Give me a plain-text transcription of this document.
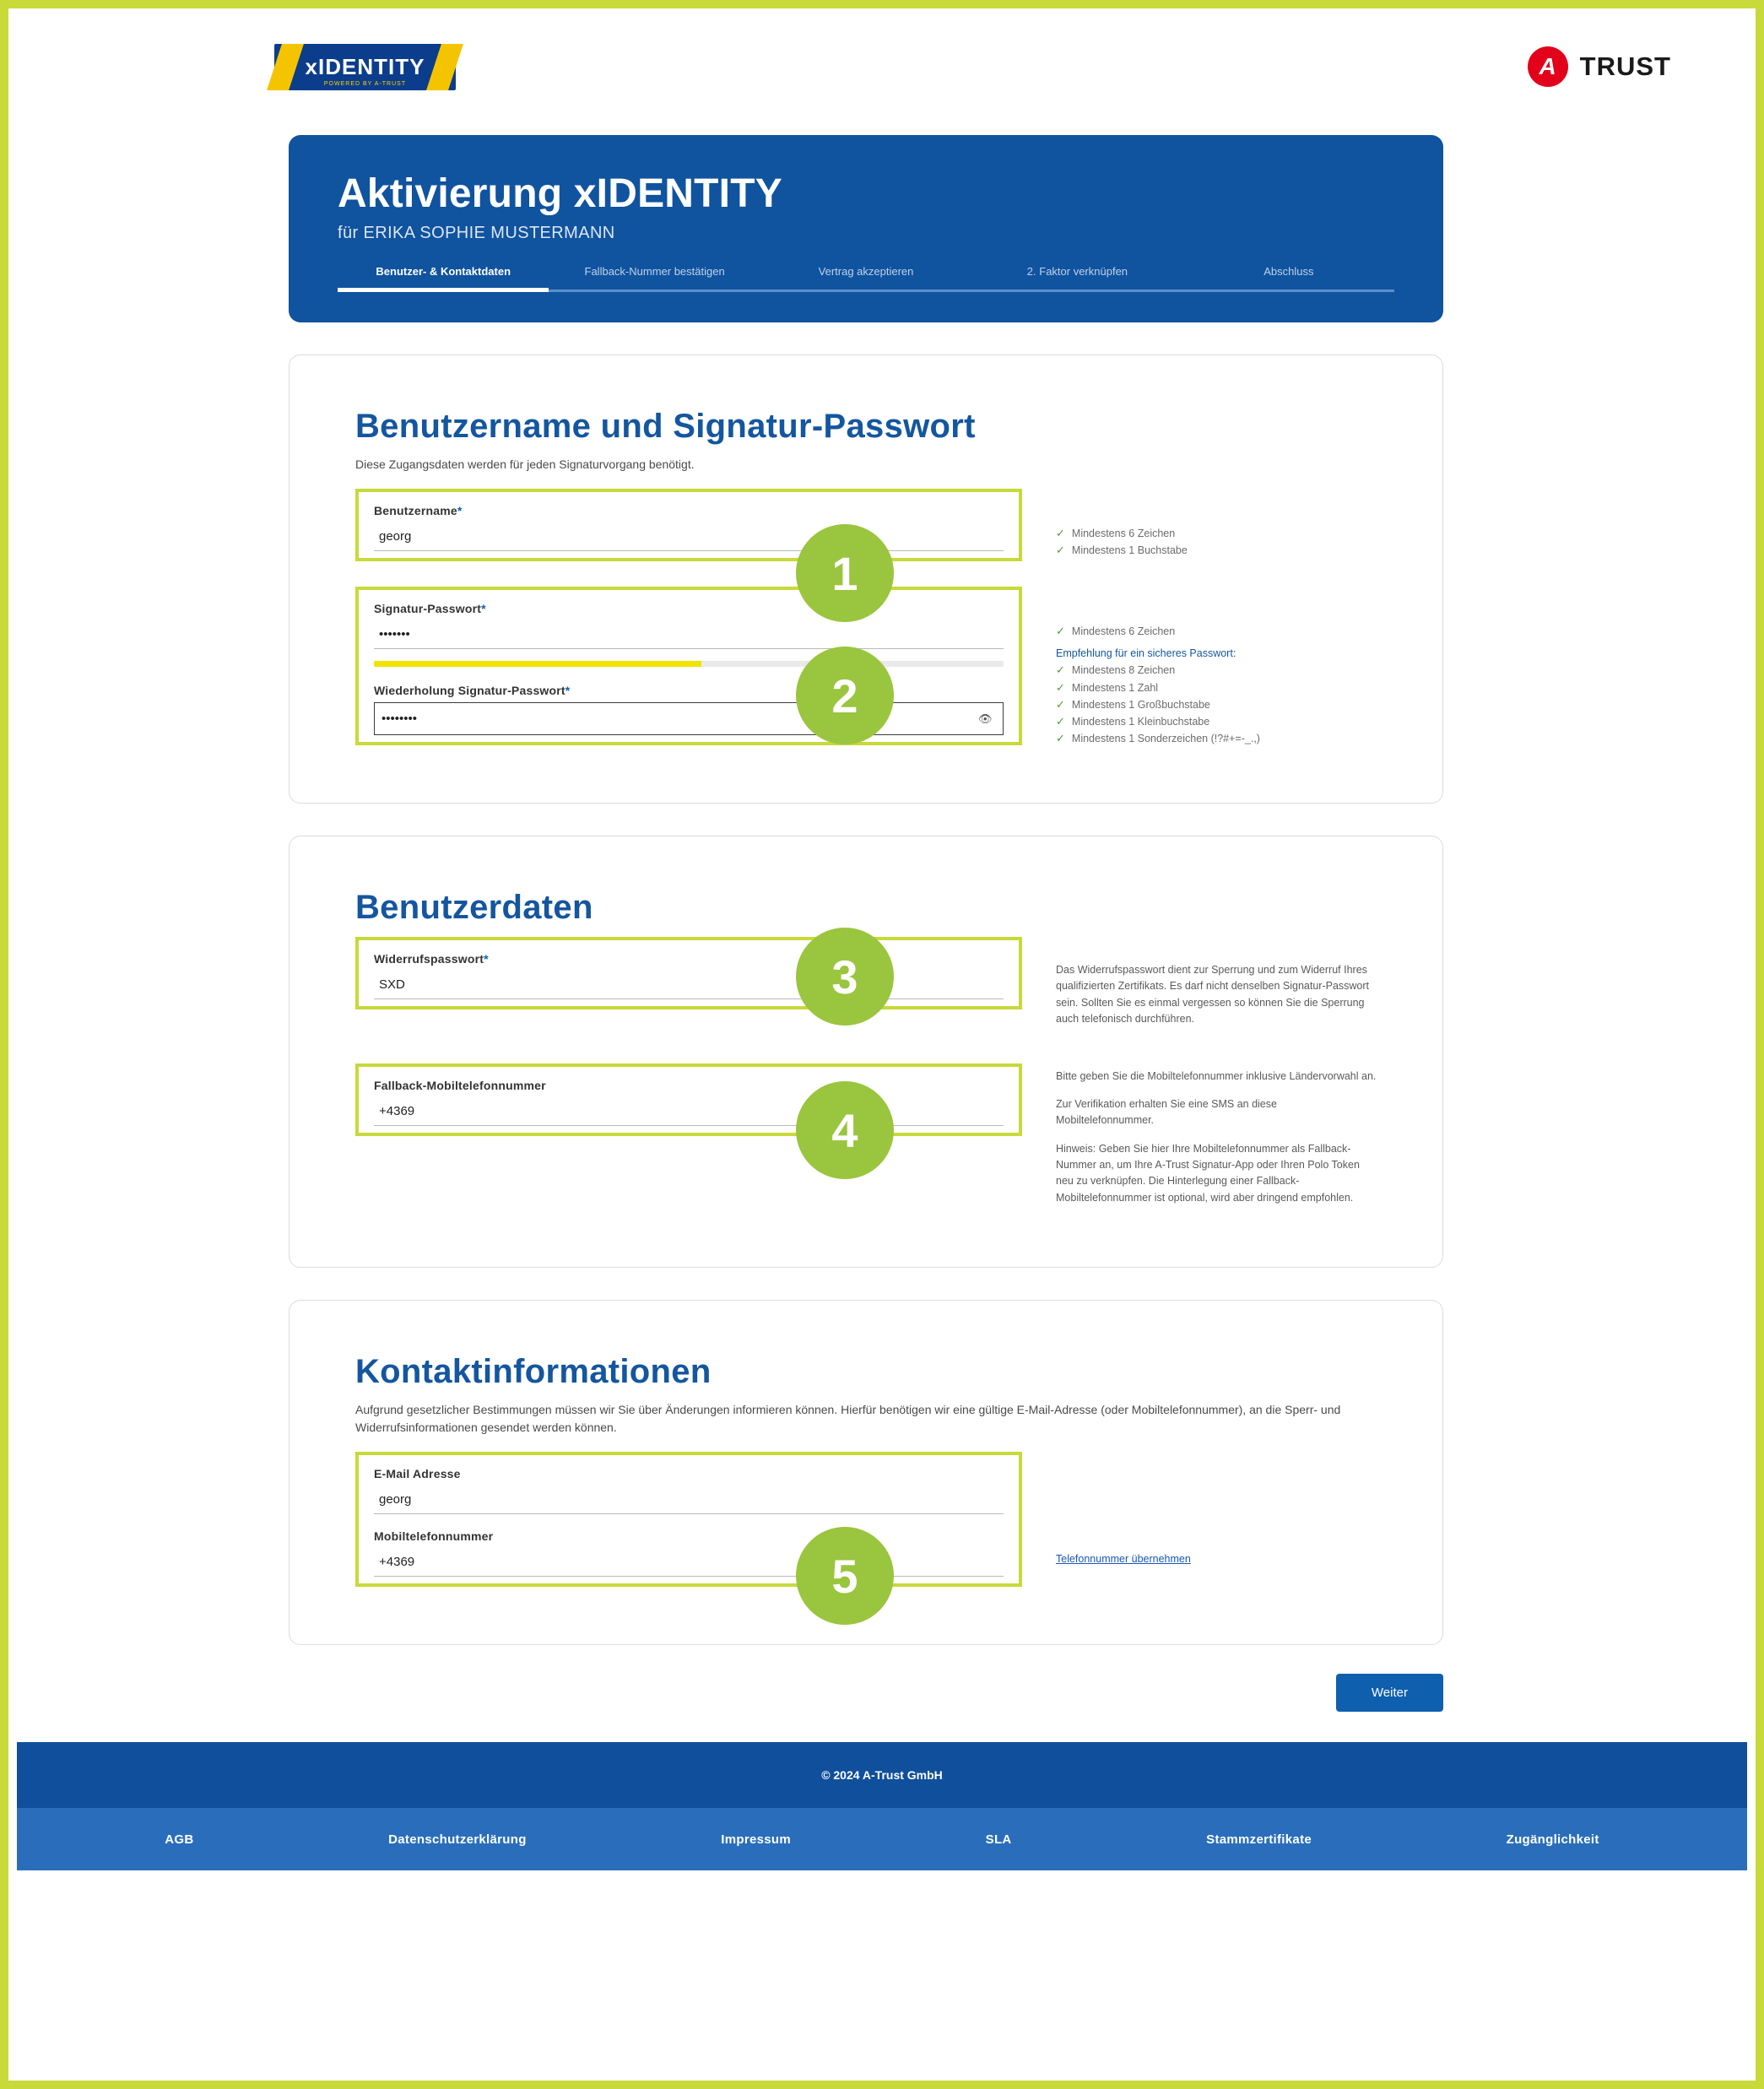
xIDENTITY
POWERED BY A-TRUST
A TRUST
Aktivierung xIDENTITY
für ERIKA SOPHIE MUSTERMANN
Benutzer- & Kontaktdaten	Fallback-Nummer bestätigen	Vertrag akzeptieren	2. Faktor verknüpfen	Abschluss
Benutzername und Signatur-Passwort

Diese Zugangsdaten werden für jeden Signaturvorgang benötigt.

1
2
Benutzername*
georg
✓ Mindestens 6 Zeichen
✓ Mindestens 1 Buchstabe
Signatur-Passwort*
•••••••
Wiederholung Signatur-Passwort*
••••••••
👁
✓ Mindestens 6 Zeichen
Empfehlung für ein sicheres Passwort:
✓ Mindestens 8 Zeichen
✓ Mindestens 1 Zahl
✓ Mindestens 1 Großbuchstabe
✓ Mindestens 1 Kleinbuchstabe
✓ Mindestens 1 Sonderzeichen (!?#+=-_.,)
Benutzerdaten
3
4
Widerrufspasswort*
SXD

Das Widerrufspasswort dient zur Sperrung und zum Widerruf Ihres qualifizierten Zertifikats. Es darf nicht denselben Signatur-Passwort sein. Sollten Sie es einmal vergessen so können Sie die Sperrung auch telefonisch durchführen.

Fallback-Mobiltelefonnummer
+4369

Bitte geben Sie die Mobiltelefonnummer inklusive Ländervorwahl an.

Zur Verifikation erhalten Sie eine SMS an diese Mobiltelefonnummer.

Hinweis: Geben Sie hier Ihre Mobiltelefonnummer als Fallback-Nummer an, um Ihre A-Trust Signatur-App oder Ihren Polo Token neu zu verknüpfen. Die Hinterlegung einer Fallback-Mobiltelefonnummer ist optional, wird aber dringend empfohlen.

Kontaktinformationen

Aufgrund gesetzlicher Bestimmungen müssen wir Sie über Änderungen informieren können. Hierfür benötigen wir eine gültige E-Mail-Adresse (oder Mobiltelefonnummer), an die Sperr- und Widerrufsinformationen gesendet werden können.

5
E-Mail Adresse
georg
Mobiltelefonnummer
+4369
Telefonnummer übernehmen
Weiter
© 2024 A-Trust GmbH
AGB	Datenschutzerklärung	Impressum	SLA	Stammzertifikate	Zugänglichkeit
